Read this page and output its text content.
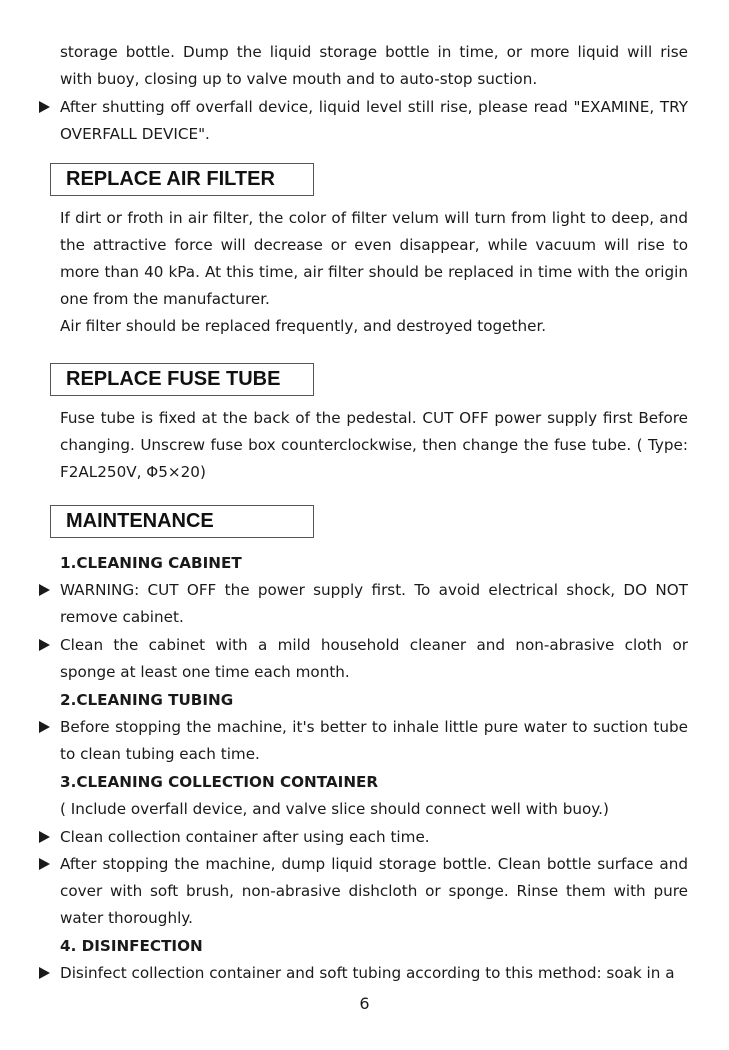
storage bottle. Dump the liquid storage bottle in time, or more liquid will rise
with buoy, closing up to valve mouth and to auto-stop suction.
After shutting off overfall device, liquid level still rise, please read "EXAMINE, TRY
OVERFALL DEVICE".
REPLACE AIR FILTER
If dirt or froth in air filter, the color of filter velum will turn from light to deep, and
the attractive force will decrease or even disappear, while vacuum will rise to
more than 40 kPa. At this time, air filter should be replaced in time with the origin
one from the manufacturer.
Air filter should be replaced frequently, and destroyed together.
REPLACE FUSE TUBE
Fuse tube is fixed at the back of the pedestal. CUT OFF power supply first Before
changing. Unscrew fuse box counterclockwise, then change the fuse tube. ( Type:
F2AL250V, Φ5×20)
MAINTENANCE
1.CLEANING CABINET
WARNING: CUT OFF the power supply first. To avoid electrical shock, DO NOT
remove cabinet.
Clean the cabinet with a mild household cleaner and non-abrasive cloth or
sponge at least one time each month.
2.CLEANING TUBING
Before stopping the machine, it's better to inhale little pure water to suction tube
to clean tubing each time.
3.CLEANING COLLECTION CONTAINER
( Include overfall device, and valve slice should connect well with buoy.)
Clean collection container after using each time.
After stopping the machine, dump liquid storage bottle. Clean bottle surface and
cover with soft brush, non-abrasive dishcloth or sponge. Rinse them with pure
water thoroughly.
4. DISINFECTION
Disinfect collection container and soft tubing according to this method: soak in a
6
